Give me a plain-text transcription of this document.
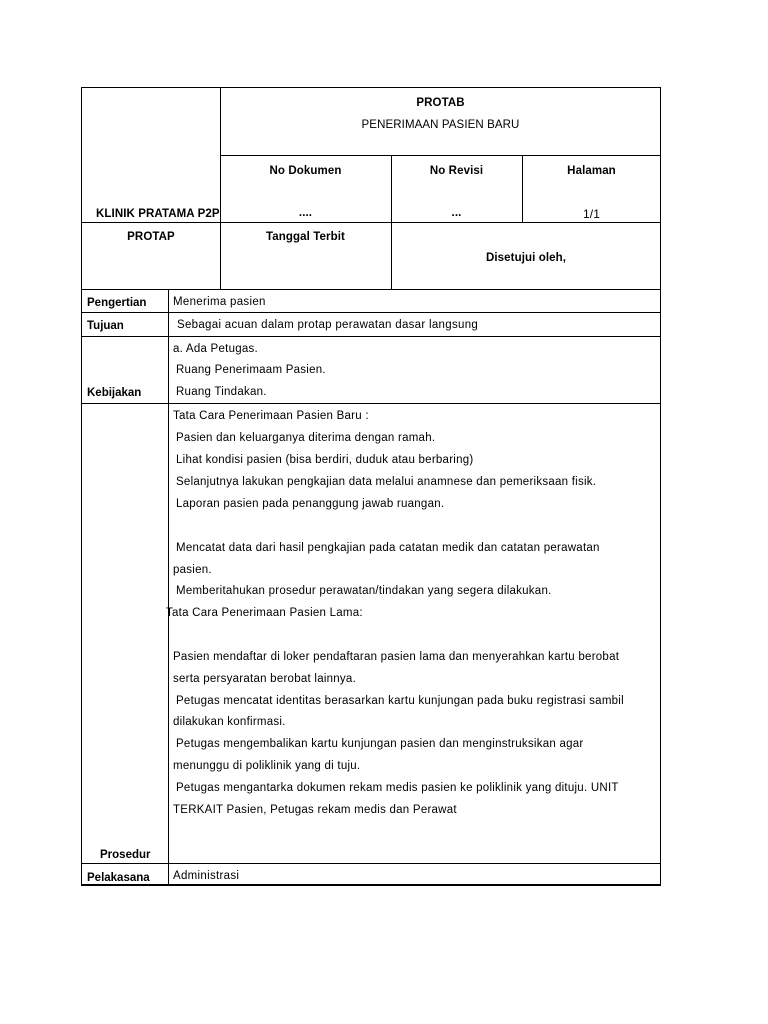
PROTAB
PENERIMAAN PASIEN BARU
KLINIK PRATAMA P2P
No Dokumen	No Revisi	Halaman
....	...	1/1
PROTAP	Tanggal Terbit
Disetujui oleh,
Pengertian Menerima pasien
Tujuan	Sebagai acuan dalam protap perawatan dasar langsung
Kebijakan
a. Ada Petugas.
Ruang Penerimaam Pasien.
Ruang Tindakan.
Prosedur
Tata Cara Penerimaan Pasien Baru :
Pasien dan keluarganya diterima dengan ramah.
Lihat kondisi pasien (bisa berdiri, duduk atau berbaring)
Selanjutnya lakukan pengkajian data melalui anamnese dan pemeriksaan fisik.
Laporan pasien pada penanggung jawab ruangan.
Mencatat data dari hasil pengkajian pada catatan medik dan catatan perawatan
pasien.
Memberitahukan prosedur perawatan/tindakan yang segera dilakukan.
Tata Cara Penerimaan Pasien Lama:
Pasien mendaftar di loker pendaftaran pasien lama dan menyerahkan kartu berobat
serta persyaratan berobat lainnya.
Petugas mencatat identitas berasarkan kartu kunjungan pada buku registrasi sambil
dilakukan konfirmasi.
Petugas mengembalikan kartu kunjungan pasien dan menginstruksikan agar
menunggu di poliklinik yang di tuju.
Petugas mengantarka dokumen rekam medis pasien ke poliklinik yang dituju. UNIT
TERKAIT Pasien, Petugas rekam medis dan Perawat
Pelakasana Administrasi
